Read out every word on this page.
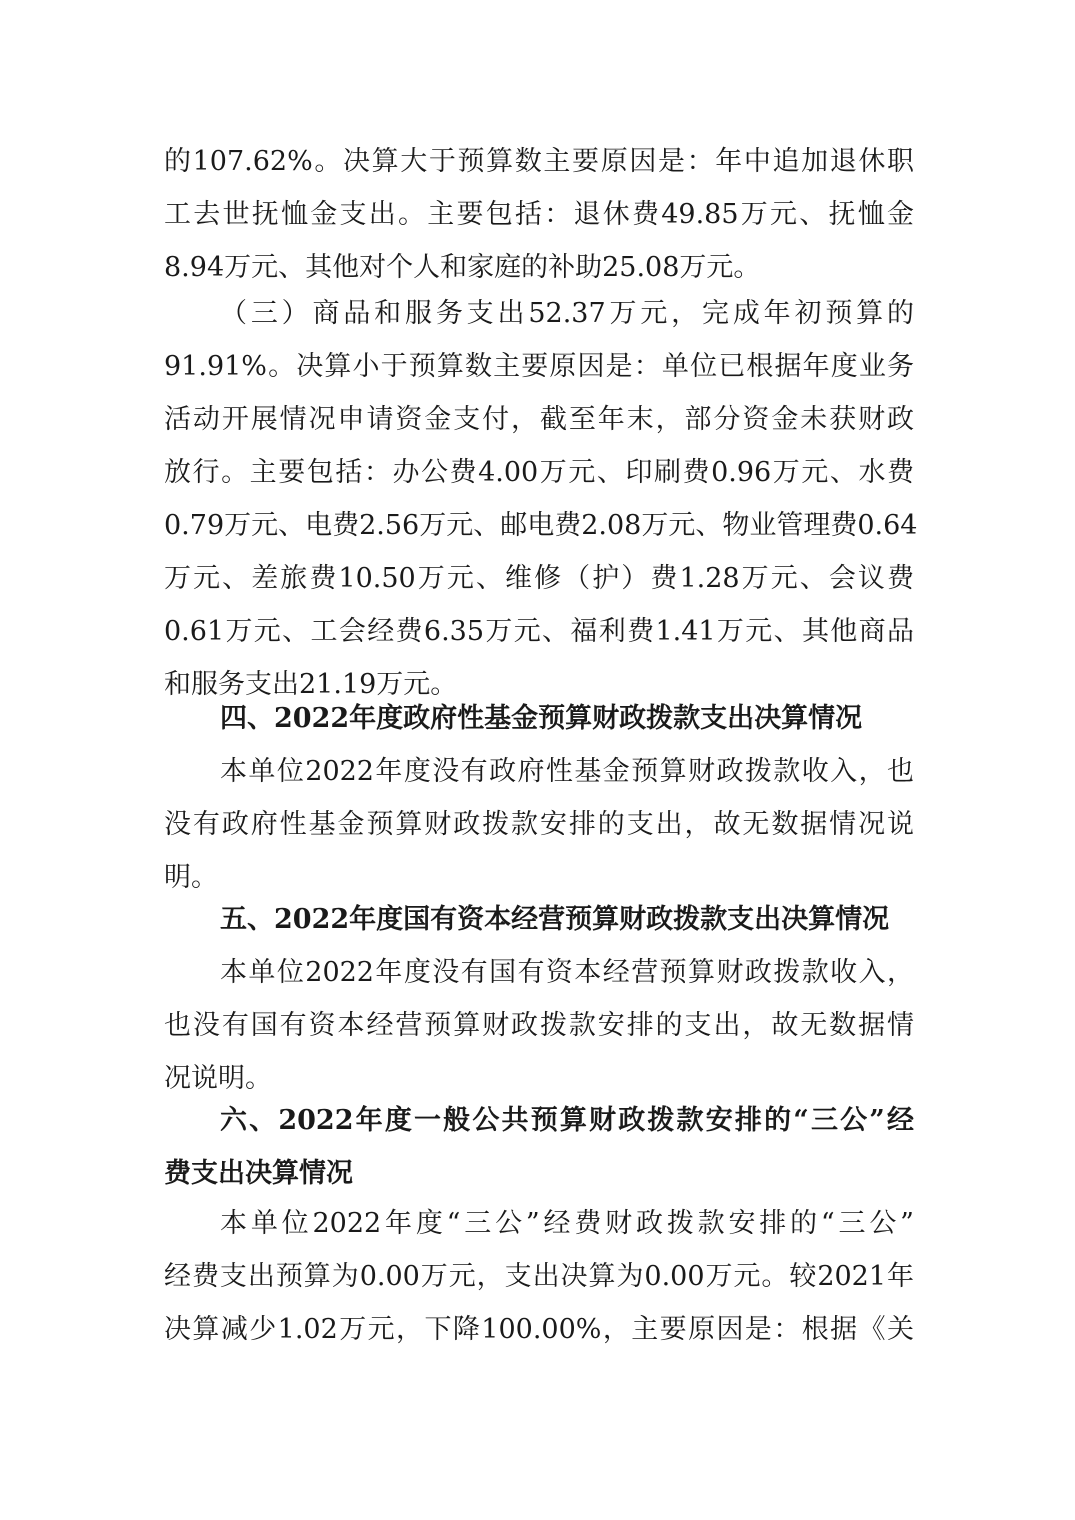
的107.62%。决算大于预算数主要原因是：年中追加退休职
工去世抚恤金支出。主要包括：退休费49.85万元、抚恤金
8.94万元、其他对个人和家庭的补助25.08万元。
（三）商品和服务支出52.37万元，完成年初预算的
91.91%。决算小于预算数主要原因是：单位已根据年度业务
活动开展情况申请资金支付，截至年末，部分资金未获财政
放行。主要包括：办公费4.00万元、印刷费0.96万元、水费
0.79万元、电费2.56万元、邮电费2.08万元、物业管理费0.64
万元、差旅费10.50万元、维修（护）费1.28万元、会议费
0.61万元、工会经费6.35万元、福利费1.41万元、其他商品
和服务支出21.19万元。
四、2022年度政府性基金预算财政拨款支出决算情况
本单位2022年度没有政府性基金预算财政拨款收入，也
没有政府性基金预算财政拨款安排的支出，故无数据情况说
明。
五、2022年度国有资本经营预算财政拨款支出决算情况
本单位2022年度没有国有资本经营预算财政拨款收入，
也没有国有资本经营预算财政拨款安排的支出，故无数据情
况说明。
六、2022年度一般公共预算财政拨款安排的“三公”经
费支出决算情况
本单位2022年度“三公”经费财政拨款安排的“三公”
经费支出预算为0.00万元，支出决算为0.00万元。较2021年
决算减少1.02万元，下降100.00%，主要原因是：根据《关
